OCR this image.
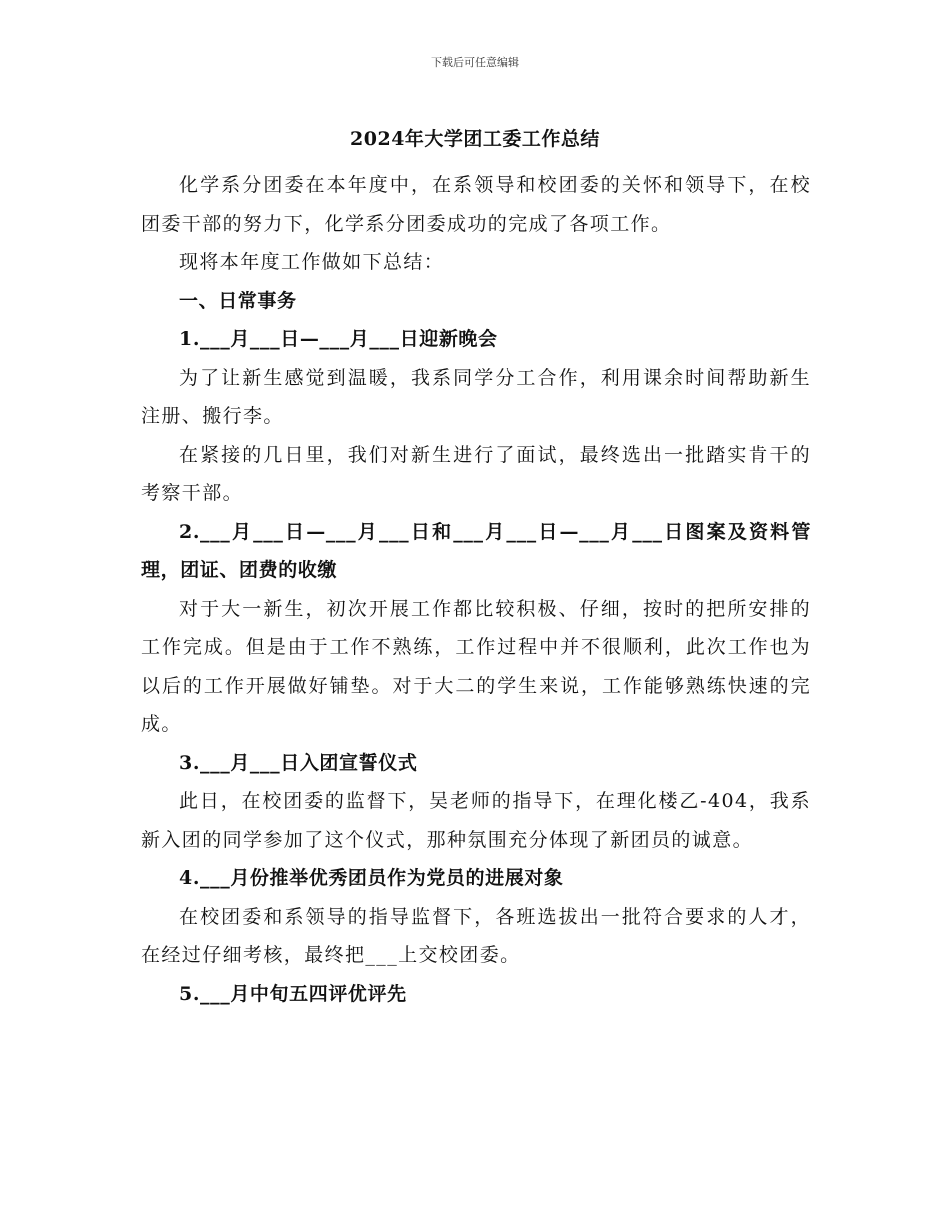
下载后可任意编辑
2024年大学团工委工作总结

化学系分团委在本年度中，在系领导和校团委的关怀和领导下，在校团委干部的努力下，化学系分团委成功的完成了各项工作。

现将本年度工作做如下总结：

一、日常事务

1.___月___日—___月___日迎新晚会

为了让新生感觉到温暖，我系同学分工合作，利用课余时间帮助新生注册、搬行李。

在紧接的几日里，我们对新生进行了面试，最终选出一批踏实肯干的考察干部。

2.___月___日—___月___日和___月___日—___月___日图案及资料管理，团证、团费的收缴

对于大一新生，初次开展工作都比较积极、仔细，按时的把所安排的工作完成。但是由于工作不熟练，工作过程中并不很顺利，此次工作也为以后的工作开展做好铺垫。对于大二的学生来说，工作能够熟练快速的完成。

3.___月___日入团宣誓仪式

此日，在校团委的监督下，吴老师的指导下，在理化楼乙-404，我系新入团的同学参加了这个仪式，那种氛围充分体现了新团员的诚意。

4.___月份推举优秀团员作为党员的进展对象

在校团委和系领导的指导监督下，各班选拔出一批符合要求的人才，在经过仔细考核，最终把___上交校团委。

5.___月中旬五四评优评先
